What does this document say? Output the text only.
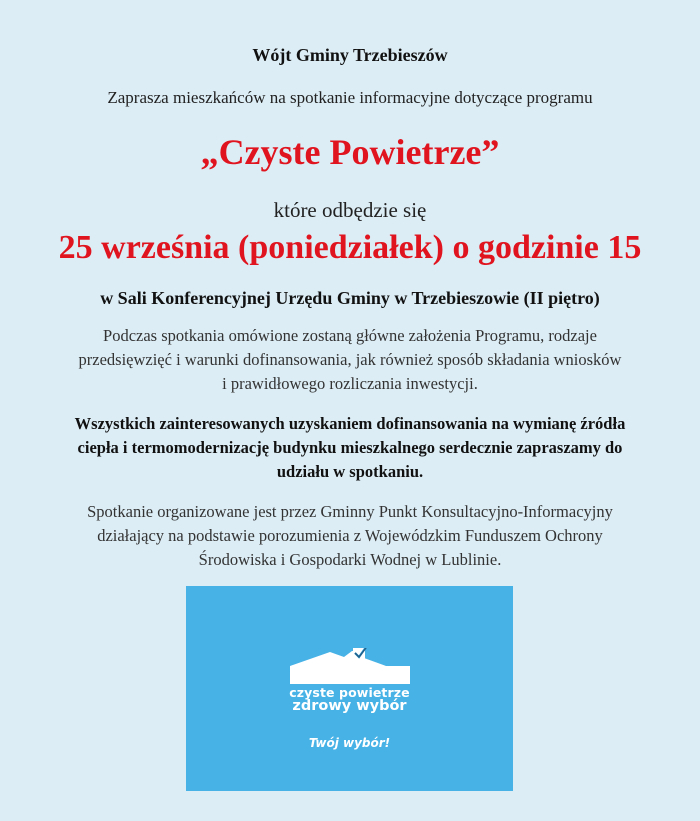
Wójt Gminy Trzebieszów
Zaprasza mieszkańców na spotkanie informacyjne dotyczące programu
„Czyste Powietrze”
które odbędzie się
25 września (poniedziałek) o godzinie 15
w Sali Konferencyjnej Urzędu Gminy w Trzebieszowie (II piętro)
Podczas spotkania omówione zostaną główne założenia Programu, rodzaje
przedsięwzięć i warunki dofinansowania, jak również sposób składania wniosków
i prawidłowego rozliczania inwestycji.
Wszystkich zainteresowanych uzyskaniem dofinansowania na wymianę źródła
ciepła i termomodernizację budynku mieszkalnego serdecznie zapraszamy do
udziału w spotkaniu.
Spotkanie organizowane jest przez Gminny Punkt Konsultacyjno-Informacyjny
działający na podstawie porozumienia z Wojewódzkim Funduszem Ochrony
Środowiska i Gospodarki Wodnej w Lublinie.
czyste powietrze
zdrowy wybór
Twój wybór!
